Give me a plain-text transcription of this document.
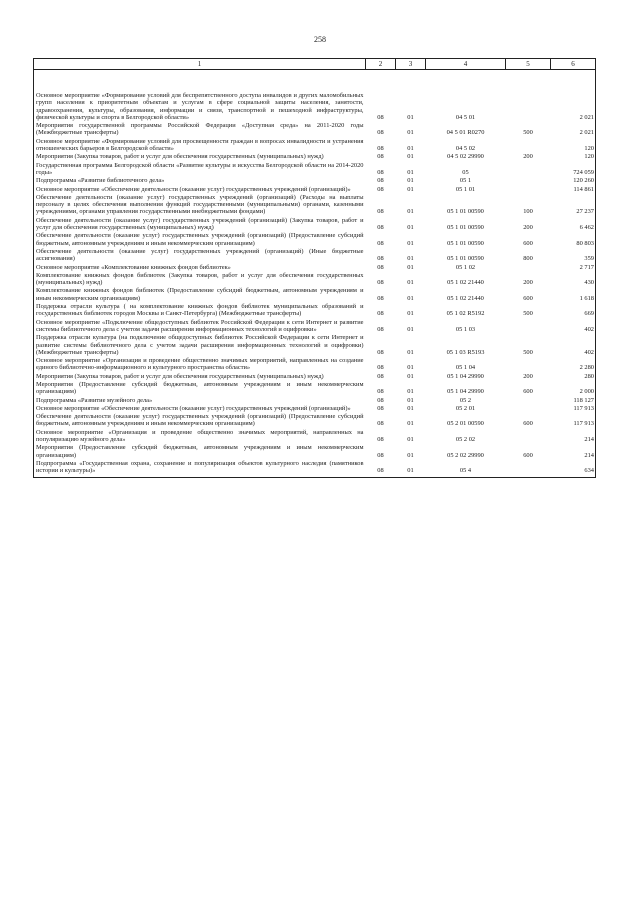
258
1	2	3	4	5	6
Основное мероприятие «Формирование условий для беспрепятственного доступа инвалидов и других маломобильных групп населения к приоритетным объектам и услугам в сфере социальной защиты населения, занятости, здравоохранения, культуры, образования, информации и связи, транспортной и пешеходной инфраструктуры, физической культуры и спорта в Белгородской области»	08	01	04 5 01		2 021
Мероприятия государственной программы Российской Федерации «Доступная среда» на 2011-2020 годы (Межбюджетные трансферты)	08	01	04 5 01 R0270	500	2 021
Основное мероприятие «Формирование условий для просвещенности граждан в вопросах инвалидности и устранения отношенческих барьеров в Белгородской области»	08	01	04 5 02		120
Мероприятия (Закупка товаров, работ и услуг для обеспечения государственных (муниципальных) нужд)	08	01	04 5 02 29990	200	120
Государственная программа Белгородской области «Развитие культуры и искусства Белгородской области на 2014-2020 годы»	08	01	05		724 059
Подпрограмма «Развитие библиотечного дела»	08	01	05 1		120 260
Основное мероприятие «Обеспечение деятельности (оказание услуг) государственных учреждений (организаций)»	08	01	05 1 01		114 861
Обеспечение деятельности (оказание услуг) государственных учреждений (организаций) (Расходы на выплаты персоналу в целях обеспечения выполнения функций государственными (муниципальными) органами, казенными учреждениями, органами управления государственными внебюджетными фондами)	08	01	05 1 01 00590	100	27 237
Обеспечение деятельности (оказание услуг) государственных учреждений (организаций) (Закупка товаров, работ и услуг для обеспечения государственных (муниципальных) нужд)	08	01	05 1 01 00590	200	6 462
Обеспечение деятельности (оказание услуг) государственных учреждений (организаций) (Предоставление субсидий бюджетным, автономным учреждениям и иным некоммерческим организациям)	08	01	05 1 01 00590	600	80 803
Обеспечение деятельности (оказание услуг) государственных учреждений (организаций) (Иные бюджетные ассигнования)	08	01	05 1 01 00590	800	359
Основное мероприятие «Комплектование книжных фондов библиотек»	08	01	05 1 02		2 717
Комплектование книжных фондов библиотек (Закупка товаров, работ и услуг для обеспечения государственных (муниципальных) нужд)	08	01	05 1 02 21440	200	430
Комплектование книжных фондов библиотек (Предоставление субсидий бюджетным, автономным учреждениям и иным некоммерческим организациям)	08	01	05 1 02 21440	600	1 618
Поддержка отрасли культура ( на комплектование книжных фондов библиотек муниципальных образований и государственных библиотек городов Москвы и Санкт-Петербурга) (Межбюджетные трансферты)	08	01	05 1 02 R5192	500	669
Основное мероприятие «Подключение общедоступных библиотек Российской Федерации к сети Интернет и развитие системы библиотечного дела с учетом задачи расширения информационных технологий и оцифровки»	08	01	05 1 03		402
Поддержка отрасли культура (на подключение общедоступных библиотек Российской Федерации к сети Интернет и развитие системы библиотечного дела с учетом задачи расширения информационных технологий и оцифровки) (Межбюджетные трансферты)	08	01	05 1 03 R5193	500	402
Основное мероприятие «Организация и проведение общественно значимых мероприятий, направленных на создание единого библиотечно-информационного и культурного пространства области»	08	01	05 1 04		2 280
Мероприятия (Закупка товаров, работ и услуг для обеспечения государственных (муниципальных) нужд)	08	01	05 1 04 29990	200	280
Мероприятия (Предоставление субсидий бюджетным, автономным учреждениям и иным некоммерческим организациям)	08	01	05 1 04 29990	600	2 000
Подпрограмма «Развитие музейного дела»	08	01	05 2		118 127
Основное мероприятие «Обеспечение деятельности (оказание услуг) государственных учреждений (организаций)»	08	01	05 2 01		117 913
Обеспечение деятельности (оказание услуг) государственных учреждений (организаций) (Предоставление субсидий бюджетным, автономным учреждениям и иным некоммерческим организациям)	08	01	05 2 01 00590	600	117 913
Основное мероприятие «Организация и проведение общественно значимых мероприятий, направленных на популяризацию музейного дела»	08	01	05 2 02		214
Мероприятия (Предоставление субсидий бюджетным, автономным учреждениям и иным некоммерческим организациям)	08	01	05 2 02 29990	600	214
Подпрограмма «Государственная охрана, сохранение и популяризация объектов культурного наследия (памятников истории и культуры)»	08	01	05 4		634
